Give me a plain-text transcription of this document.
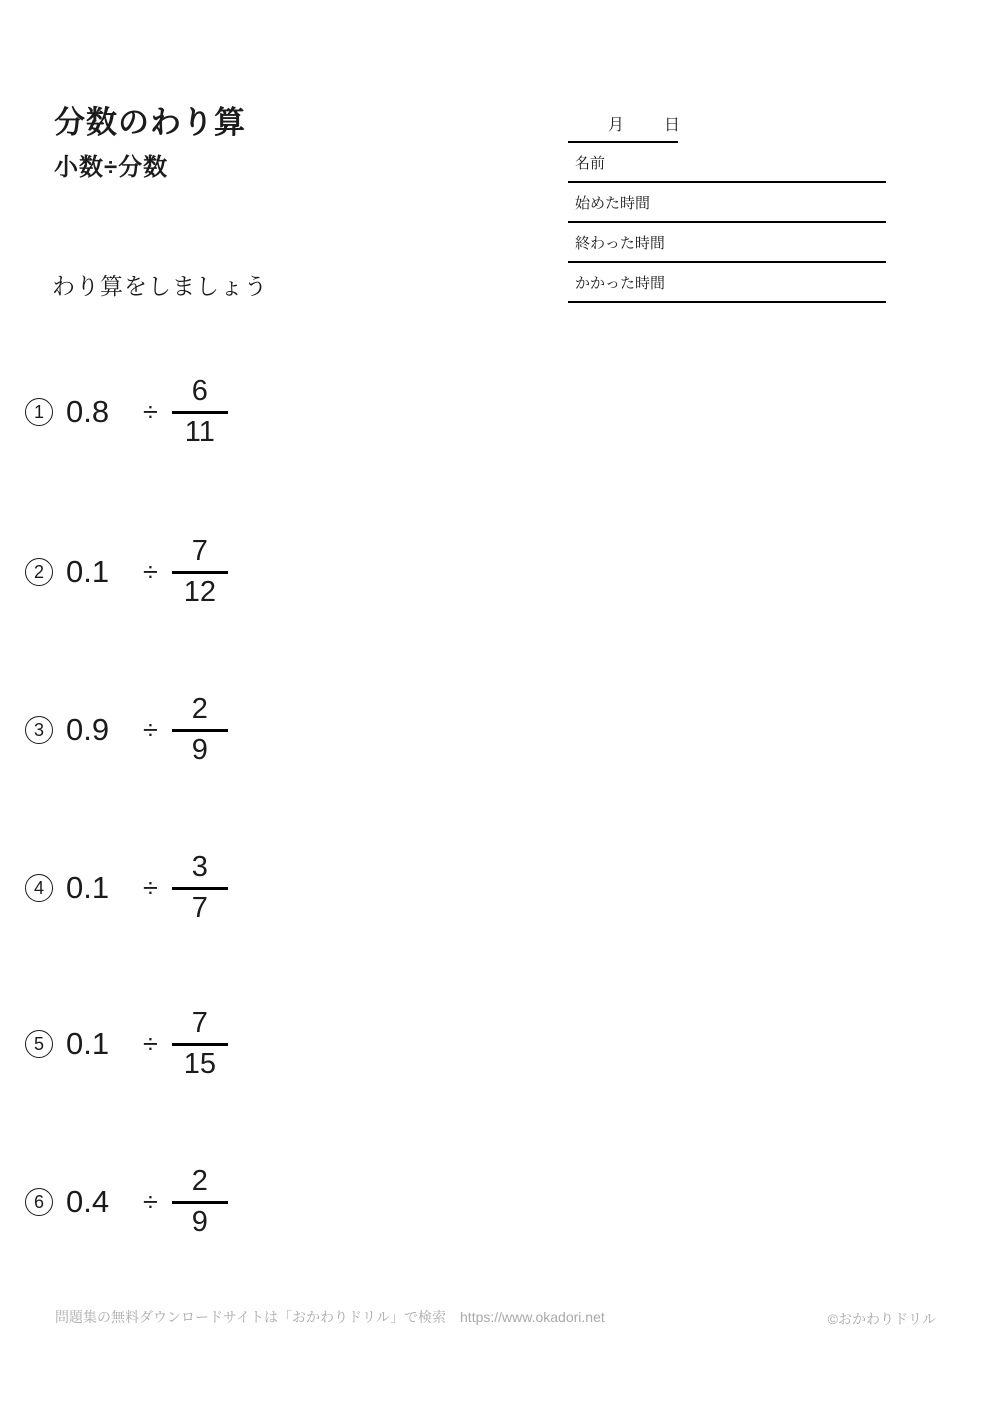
分数のわり算
小数÷分数
わり算をしましょう
月	日
名前
始めた時間
終わった時間
かかった時間
1 $0.8 \div \frac{6}{11}$
2 $0.1 \div \frac{7}{12}$
3 $0.9 \div \frac{2}{9}$
4 $0.1 \div \frac{3}{7}$
5 $0.1 \div \frac{7}{15}$
6 $0.4 \div \frac{2}{9}$
問題集の無料ダウンロードサイトは「おかわりドリル」で検索　https://www.okadori.net	©おかわりドリル
